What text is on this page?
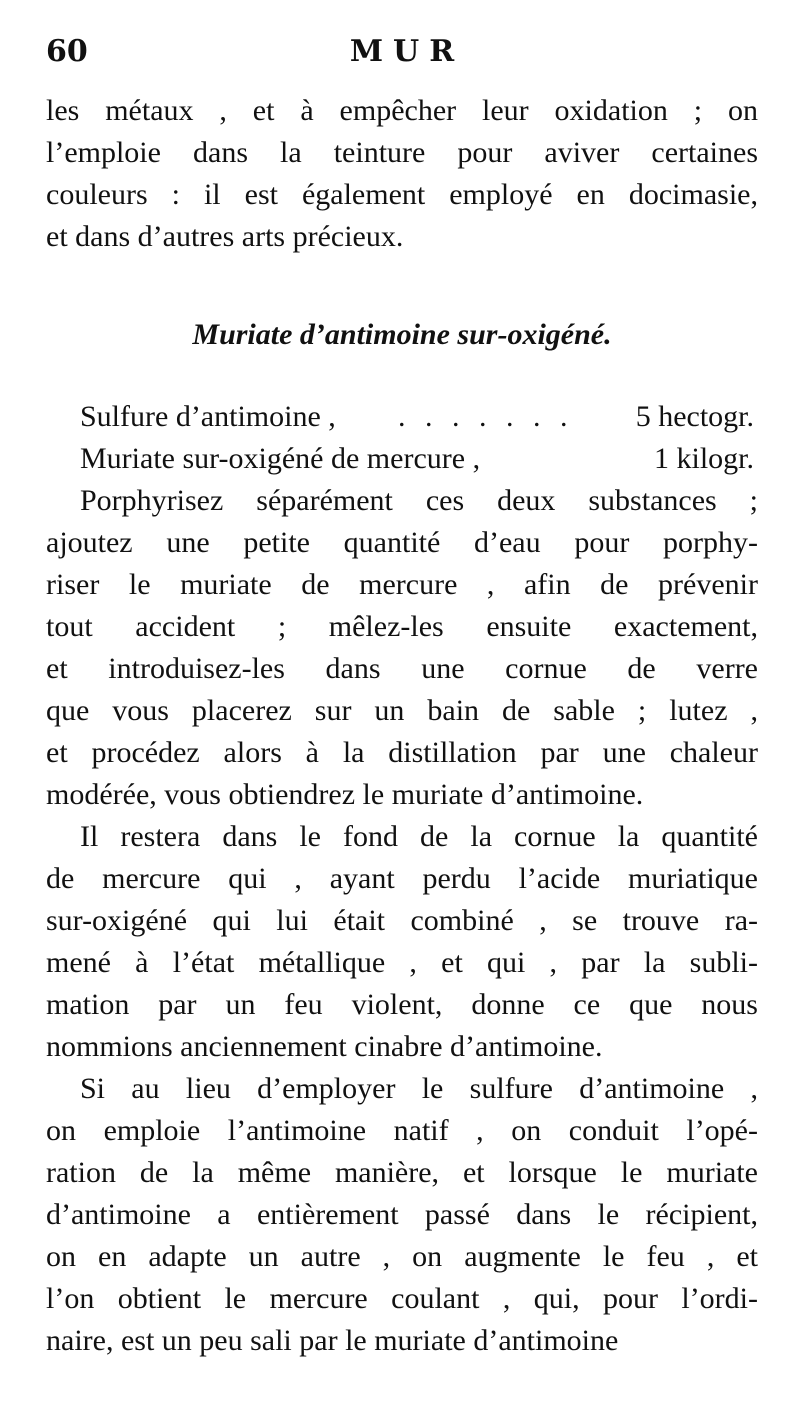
60	MUR
les métaux , et à empêcher leur oxidation ; on
l’emploie dans la teinture pour aviver certaines
couleurs : il est également employé en docimasie,
et dans d’autres arts précieux.
Muriate d’antimoine sur-oxigéné.
Sulfure d’antimoine ,	. . . . . . .	5 hectogr.
Muriate sur-oxigéné de mercure ,	1 kilogr.
Porphyrisez séparément ces deux substances ;
ajoutez une petite quantité d’eau pour porphy-
riser le muriate de mercure , afin de prévenir
tout accident ; mêlez-les ensuite exactement,
et introduisez-les dans une cornue de verre
que vous placerez sur un bain de sable ; lutez ,
et procédez alors à la distillation par une chaleur
modérée, vous obtiendrez le muriate d’antimoine.
Il restera dans le fond de la cornue la quantité
de mercure qui , ayant perdu l’acide muriatique
sur-oxigéné qui lui était combiné , se trouve ra-
mené à l’état métallique , et qui , par la subli-
mation par un feu violent, donne ce que nous
nommions anciennement cinabre d’antimoine.
Si au lieu d’employer le sulfure d’antimoine ,
on emploie l’antimoine natif , on conduit l’opé-
ration de la même manière, et lorsque le muriate
d’antimoine a entièrement passé dans le récipient,
on en adapte un autre , on augmente le feu , et
l’on obtient le mercure coulant , qui, pour l’ordi-
naire, est un peu sali par le muriate d’antimoine
